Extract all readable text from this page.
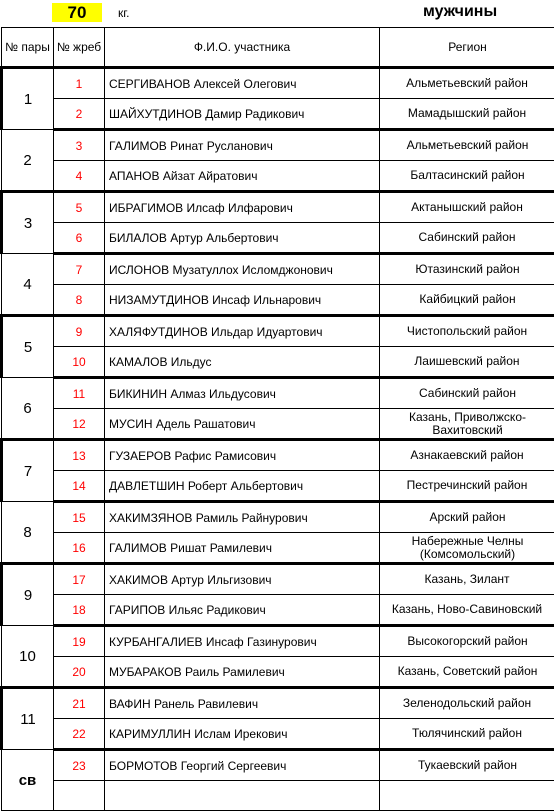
70	кг.	мужчины
№ пары	№ жреб	Ф.И.О. участника	Регион
1	1	СЕРГИВАНОВ Алексей Олегович	Альметьевский район
	2	ШАЙХУТДИНОВ Дамир Радикович	Мамадышский район
2	3	ГАЛИМОВ Ринат Русланович	Альметьевский район
	4	АПАНОВ Айзат Айратович	Балтасинский район
3	5	ИБРАГИМОВ Илсаф Илфарович	Актанышский район
	6	БИЛАЛОВ Артур Альбертович	Сабинский район
4	7	ИСЛОНОВ Музатуллох Исломджонович	Ютазинский район
	8	НИЗАМУТДИНОВ Инсаф Ильнарович	Кайбицкий район
5	9	ХАЛЯФУТДИНОВ Ильдар Идуартович	Чистопольский район
	10	КАМАЛОВ Ильдус	Лаишевский район
6	11	БИКИНИН Алмаз Ильдусович	Сабинский район
	12	МУСИН Адель Рашатович	Казань, Приволжско-Вахитовский
7	13	ГУЗАЕРОВ Рафис Рамисович	Азнакаевский район
	14	ДАВЛЕТШИН Роберт Альбертович	Пестречинский район
8	15	ХАКИМЗЯНОВ Рамиль Райнурович	Арский район
	16	ГАЛИМОВ Ришат Рамилевич	Набережные Челны (Комсомольский)
9	17	ХАКИМОВ Артур Ильгизович	Казань, Зилант
	18	ГАРИПОВ Ильяс Радикович	Казань, Ново-Савиновский
10	19	КУРБАНГАЛИЕВ Инсаф Газинурович	Высокогорский район
	20	МУБАРАКОВ Раиль Рамилевич	Казань, Советский район
11	21	ВАФИН Ранель Равилевич	Зеленодольский район
	22	КАРИМУЛЛИН Ислам Ирекович	Тюлячинский район
св	23	БОРМОТОВ Георгий Сергеевич	Тукаевский район
